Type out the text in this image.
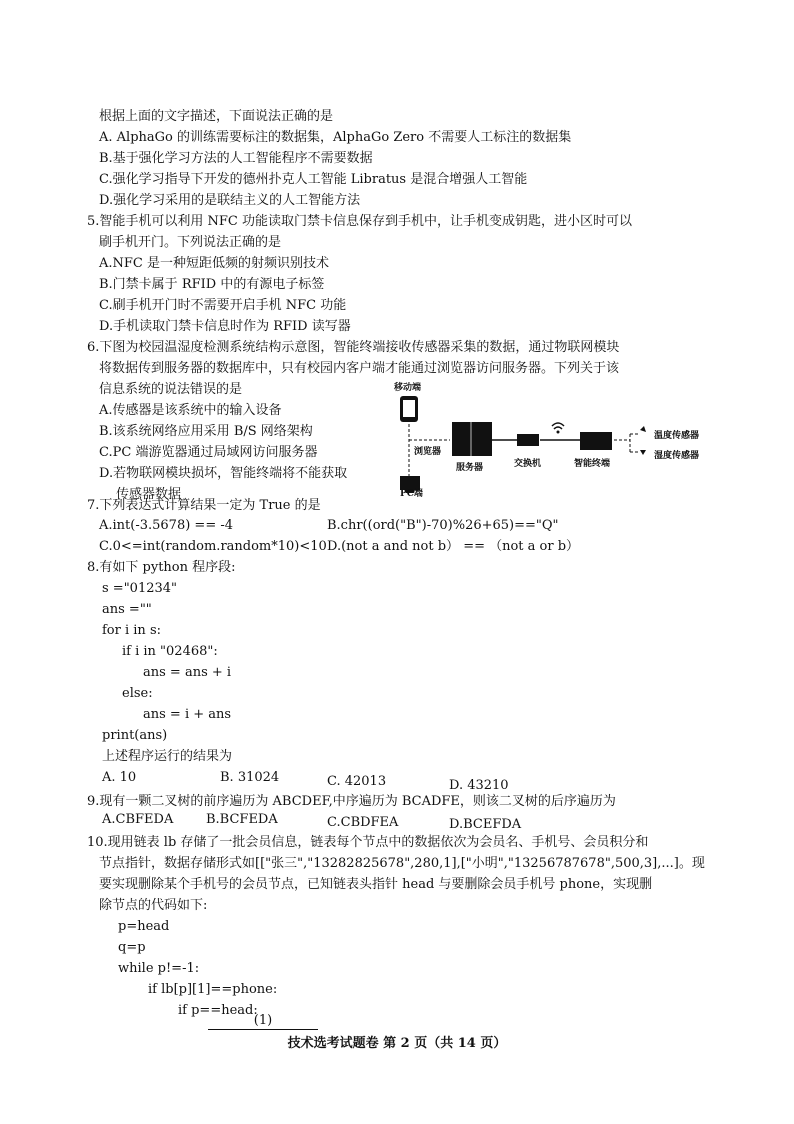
根据上面的文字描述，下面说法正确的是
A. AlphaGo 的训练需要标注的数据集，AlphaGo Zero 不需要人工标注的数据集
B.基于强化学习方法的人工智能程序不需要数据
C.强化学习指导下开发的德州扑克人工智能 Libratus 是混合增强人工智能
D.强化学习采用的是联结主义的人工智能方法
5.智能手机可以利用 NFC 功能读取门禁卡信息保存到手机中，让手机变成钥匙，进小区时可以
刷手机开门。下列说法正确的是
A.NFC 是一种短距低频的射频识别技术
B.门禁卡属于 RFID 中的有源电子标签
C.刷手机开门时不需要开启手机 NFC 功能
D.手机读取门禁卡信息时作为 RFID 读写器
6.下图为校园温湿度检测系统结构示意图，智能终端接收传感器采集的数据，通过物联网模块
将数据传到服务器的数据库中，只有校园内客户端才能通过浏览器访问服务器。下列关于该
信息系统的说法错误的是
A.传感器是该系统中的输入设备
B.该系统网络应用采用 B/S 网络架构
C.PC 端游览器通过局域网访问服务器
D.若物联网模块损坏，智能终端将不能获取
传感器数据
移动端
浏览器
服务器	交换机	智能终端
温度传感器
湿度传感器
PC端
7.下列表达式计算结果一定为 True 的是
A.int(-3.5678) == -4	B.chr((ord("B")-70)%26+65)=="Q"
C.0<=int(random.random*10)<10 D.(not a and not b） == （not a or b）
8.有如下 python 程序段:
s ="01234"
ans =""
for i in s:
if i in "02468":
ans = ans + i
else:
ans = i + ans
print(ans)
上述程序运行的结果为
A. 10	B. 31024	C. 42013	D. 43210
9.现有一颗二叉树的前序遍历为 ABCDEF,中序遍历为 BCADFE，则该二叉树的后序遍历为
A.CBFEDA	B.BCFEDA	C.CBDFEA	D.BCEFDA
10.现用链表 lb 存储了一批会员信息，链表每个节点中的数据依次为会员名、手机号、会员积分和
节点指针，数据存储形式如[["张三","13282825678",280,1],["小明","13256787678",500,3],...]。现
要实现删除某个手机号的会员节点，已知链表头指针 head 与要删除会员手机号 phone，实现删
除节点的代码如下:
p=head
q=p
while p!=-1:
if lb[p][1]==phone:
if p==head:
(1)
技术选考试题卷 第 2 页（共 14 页）
